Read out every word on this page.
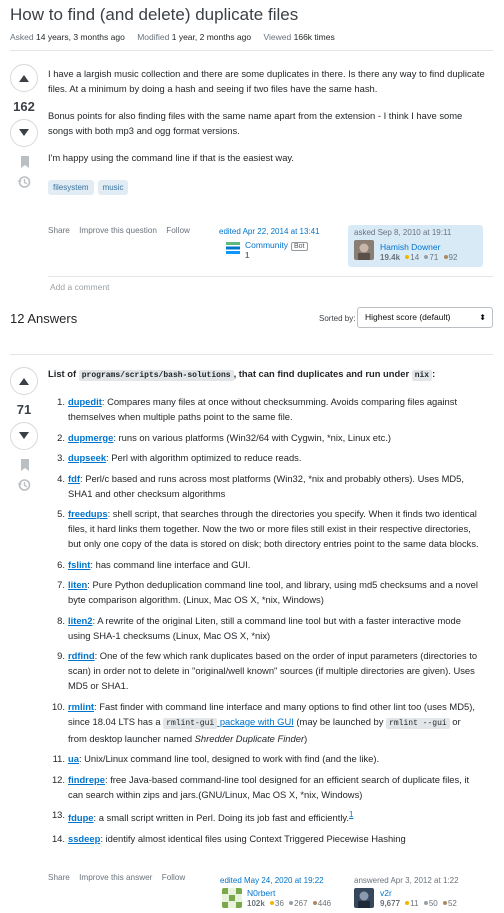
How to find (and delete) duplicate files
Asked 14 years, 3 months ago Modified 1 year, 2 months ago Viewed 166k times
162

I have a largish music collection and there are some duplicates in there. Is there any way to find duplicate files. At a minimum by doing a hash and seeing if two files have the same hash.

Bonus points for also finding files with the same name apart from the extension - I think I have some songs with both mp3 and ogg format versions.

I'm happy using the command line if that is the easiest way.

filesystem	music
Share Improve this question Follow	edited Apr 22, 2014 at 13:41
Community Bot
1
asked Sep 8, 2010 at 19:11
Hamish Downer
19.4k 14 71 92
Add a comment
12 Answers	Sorted by:	Highest score (default)	⬍
71
List of programs/scripts/bash-solutions , that can find duplicates and run under nix :
1. dupedit: Compares many files at once without checksumming. Avoids comparing files against themselves when multiple paths point to the same file.
2. dupmerge: runs on various platforms (Win32/64 with Cygwin, *nix, Linux etc.)
3. dupseek: Perl with algorithm optimized to reduce reads.
4. fdf: Perl/c based and runs across most platforms (Win32, *nix and probably others). Uses MD5, SHA1 and other checksum algorithms
5. freedups: shell script, that searches through the directories you specify. When it finds two identical files, it hard links them together. Now the two or more files still exist in their respective directories, but only one copy of the data is stored on disk; both directory entries point to the same data blocks.
6. fslint: has command line interface and GUI.
7. liten: Pure Python deduplication command line tool, and library, using md5 checksums and a novel byte comparison algorithm. (Linux, Mac OS X, *nix, Windows)
8. liten2: A rewrite of the original Liten, still a command line tool but with a faster interactive mode using SHA-1 checksums (Linux, Mac OS X, *nix)
9. rdfind: One of the few which rank duplicates based on the order of input parameters (directories to scan) in order not to delete in "original/well known" sources (if multiple directories are given). Uses MD5 or SHA1.
10. rmlint: Fast finder with command line interface and many options to find other lint too (uses MD5), since 18.04 LTS has a rmlint-gui package with GUI (may be launched by rmlint --gui or from desktop launcher named Shredder Duplicate Finder)
11. ua: Unix/Linux command line tool, designed to work with find (and the like).
12. findrepe: free Java-based command-line tool designed for an efficient search of duplicate files, it can search within zips and jars.(GNU/Linux, Mac OS X, *nix, Windows)
13. fdupe: a small script written in Perl. Doing its job fast and efficiently.$^1$
14. ssdeep: identify almost identical files using Context Triggered Piecewise Hashing
Share Improve this answer Follow	edited May 24, 2020 at 19:22
N0rbert
102k 36 267 446
answered Apr 3, 2012 at 1:22
v2r
9,677 11 50 52
